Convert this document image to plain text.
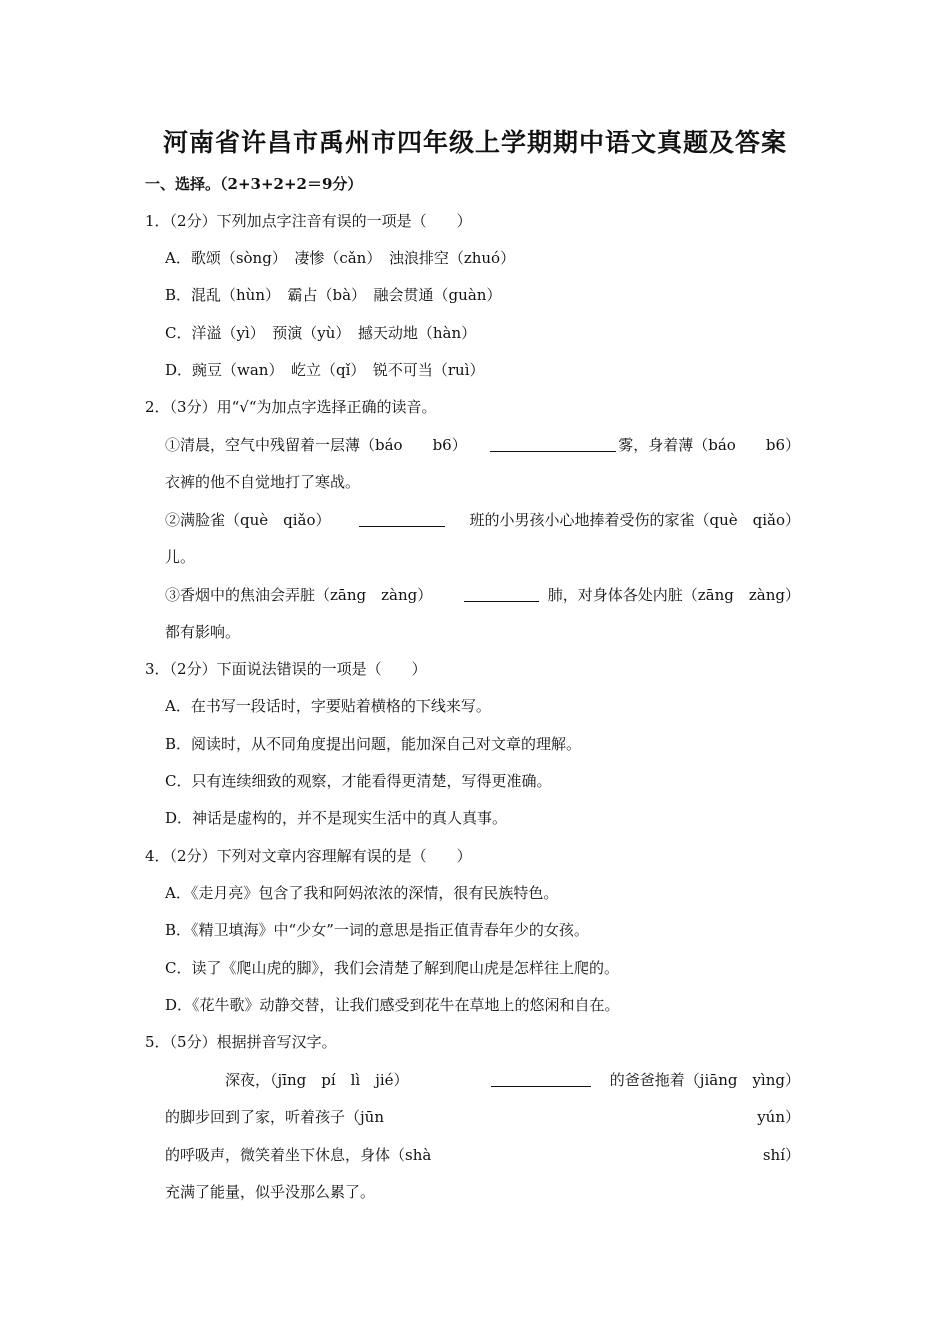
河南省许昌市禹州市四年级上学期期中语文真题及答案
一、选择。（2+3+2+2＝9分）
1．（2分）下列加点字注音有误的一项是（　　）
A．歌颂（sòng）　凄惨（cǎn）　浊浪排空（zhuó）
B．混乱（hùn）　霸占（bà）　融会贯通（guàn）
C．洋溢（yì）　预演（yù）　撼天动地（hàn）
D．豌豆（wan）　屹立（qǐ）　锐不可当（ruì）
2．（3分）用“√“为加点字选择正确的读音。
①清晨，空气中残留着一层薄（báo　　b6）	雾，身着薄（báo　　b6）
衣裤的他不自觉地打了寒战。
②满脸雀（què　qiǎo）	班的小男孩小心地捧着受伤的家雀（què　qiǎo）
儿。
③香烟中的焦油会弄脏（zāng　zàng）	肺，对身体各处内脏（zāng　zàng）
都有影响。
3．（2分）下面说法错误的一项是（　　）
A．在书写一段话时，字要贴着横格的下线来写。
B．阅读时，从不同角度提出问题，能加深自己对文章的理解。
C．只有连续细致的观察，才能看得更清楚，写得更准确。
D．神话是虚构的，并不是现实生活中的真人真事。
4．（2分）下列对文章内容理解有误的是（　　）
A．《走月亮》包含了我和阿妈浓浓的深情，很有民族特色。
B．《精卫填海》中“少女”一词的意思是指正值青春年少的女孩。
C．读了《爬山虎的脚》，我们会清楚了解到爬山虎是怎样往上爬的。
D．《花牛歌》动静交替，让我们感受到花牛在草地上的悠闲和自在。
5．（5分）根据拼音写汉字。
深夜，（jīng　pí　lì　jié）	的爸爸拖着（jiāng　yìng）
的脚步回到了家，听着孩子（jūn	yún）
的呼吸声，微笑着坐下休息，身体（shà	shí）
充满了能量，似乎没那么累了。
